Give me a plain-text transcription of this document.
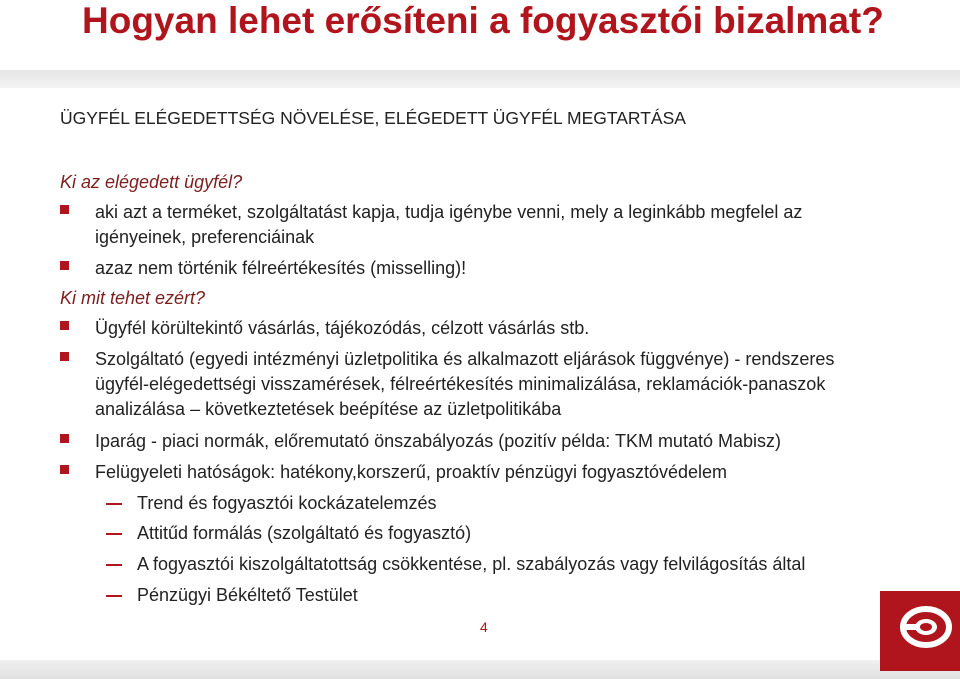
Hogyan lehet erősíteni a fogyasztói bizalmat?
ÜGYFÉL ELÉGEDETTSÉG NÖVELÉSE, ELÉGEDETT ÜGYFÉL MEGTARTÁSA
Ki az elégedett ügyfél?
aki azt a terméket, szolgáltatást kapja, tudja igénybe venni, mely a leginkább megfelel az
igényeinek, preferenciáinak
azaz nem történik félreértékesítés (misselling)!
Ki mit tehet ezért?
Ügyfél körültekintő vásárlás, tájékozódás, célzott vásárlás stb.
Szolgáltató (egyedi intézményi üzletpolitika és alkalmazott eljárások függvénye) - rendszeres
ügyfél-elégedettségi visszamérések, félreértékesítés minimalizálása, reklamációk-panaszok
analizálása – következtetések beépítése az üzletpolitikába
Iparág - piaci normák, előremutató önszabályozás (pozitív példa: TKM mutató Mabisz)
Felügyeleti hatóságok: hatékony,korszerű, proaktív pénzügyi fogyasztóvédelem
Trend és fogyasztói kockázatelemzés
Attitűd formálás (szolgáltató és fogyasztó)
A fogyasztói kiszolgáltatottság csökkentése, pl. szabályozás vagy felvilágosítás által
Pénzügyi Békéltető Testület
4
